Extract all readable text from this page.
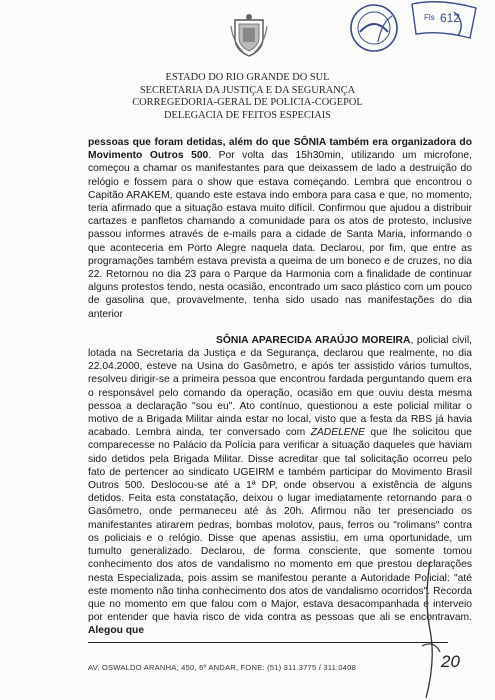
Fls 612
ESTADO DO RIO GRANDE DO SUL
SECRETARIA DA JUSTIÇA E DA SEGURANÇA
CORREGEDORIA-GERAL DE POLICIA-COGEPOL
DELEGACIA DE FEITOS ESPECIAIS

pessoas que foram detidas, além do que SÔNIA também era organizadora do Movimento Outros 500. Por volta das 15h30min, utilizando um microfone, começou a chamar os manifestantes para que deixassem de lado a destruição do relógio e fossem para o show que estava começando. Lembra que encontrou o Capitão ARAKEM, quando este estava indo embora para casa e que, no momento, teria afirmado que a situação estava muito difícil. Confirmou que ajudou a distribuir cartazes e panfletos chamando a comunidade para os atos de protesto, inclusive passou informes através de e-mails para a cidade de Santa Maria, informando o que aconteceria em Porto Alegre naquela data. Declarou, por fim, que entre as programações também estava prevista a queima de um boneco e de cruzes, no dia 22. Retornou no dia 23 para o Parque da Harmonia com a finalidade de continuar alguns protestos tendo, nesta ocasião, encontrado um saco plástico com um pouco de gasolina que, provavelmente, tenha sido usado nas manifestações do dia anterior

SÔNIA APARECIDA ARAÚJO MOREIRA, policial civil, lotada na Secretaria da Justiça e da Segurança, declarou que realmente, no dia 22.04.2000, esteve na Usina do Gasômetro, e após ter assistido vários tumultos, resolveu dirigir-se a primeira pessoa que encontrou fardada perguntando quem era o responsável pelo comando da operação, ocasião em que ouviu desta mesma pessoa a declaração "sou eu". Ato contínuo, questionou a este policial militar o motivo de a Brigada Militar ainda estar no local, visto que a festa da RBS já havia acabado. Lembra ainda, ter conversado com ZADELENE que lhe solicitou que comparecesse no Palácio da Polícia para verificar a situação daqueles que haviam sido detidos pela Brigada Militar. Disse acreditar que tal solicitação ocorreu pelo fato de pertencer ao sindicato UGEIRM e também participar do Movimento Brasil Outros 500. Deslocou-se até a 1ª DP, onde observou a existência de alguns detidos. Feita esta constatação, deixou o lugar imediatamente retornando para o Gasômetro, onde permaneceu até às 20h. Afirmou não ter presenciado os manifestantes atirarem pedras, bombas molotov, paus, ferros ou "rolimans" contra os policiais e o relógio. Disse que apenas assistiu, em uma oportunidade, um tumulto generalizado. Declarou, de forma consciente, que somente tomou conhecimento dos atos de vandalismo no momento em que prestou declarações nesta Especializada, pois assim se manifestou perante a Autoridade Policial: "até este momento não tinha conhecimento dos atos de vandalismo ocorridos". Recorda que no momento em que falou com o Major, estava desacompanhada e interveio por entender que havia risco de vida contra as pessoas que ali se encontravam. Alegou que

AV. OSWALDO ARANHA, 450, 6º ANDAR, FONE: (51) 311.3775 / 311.0408	20
